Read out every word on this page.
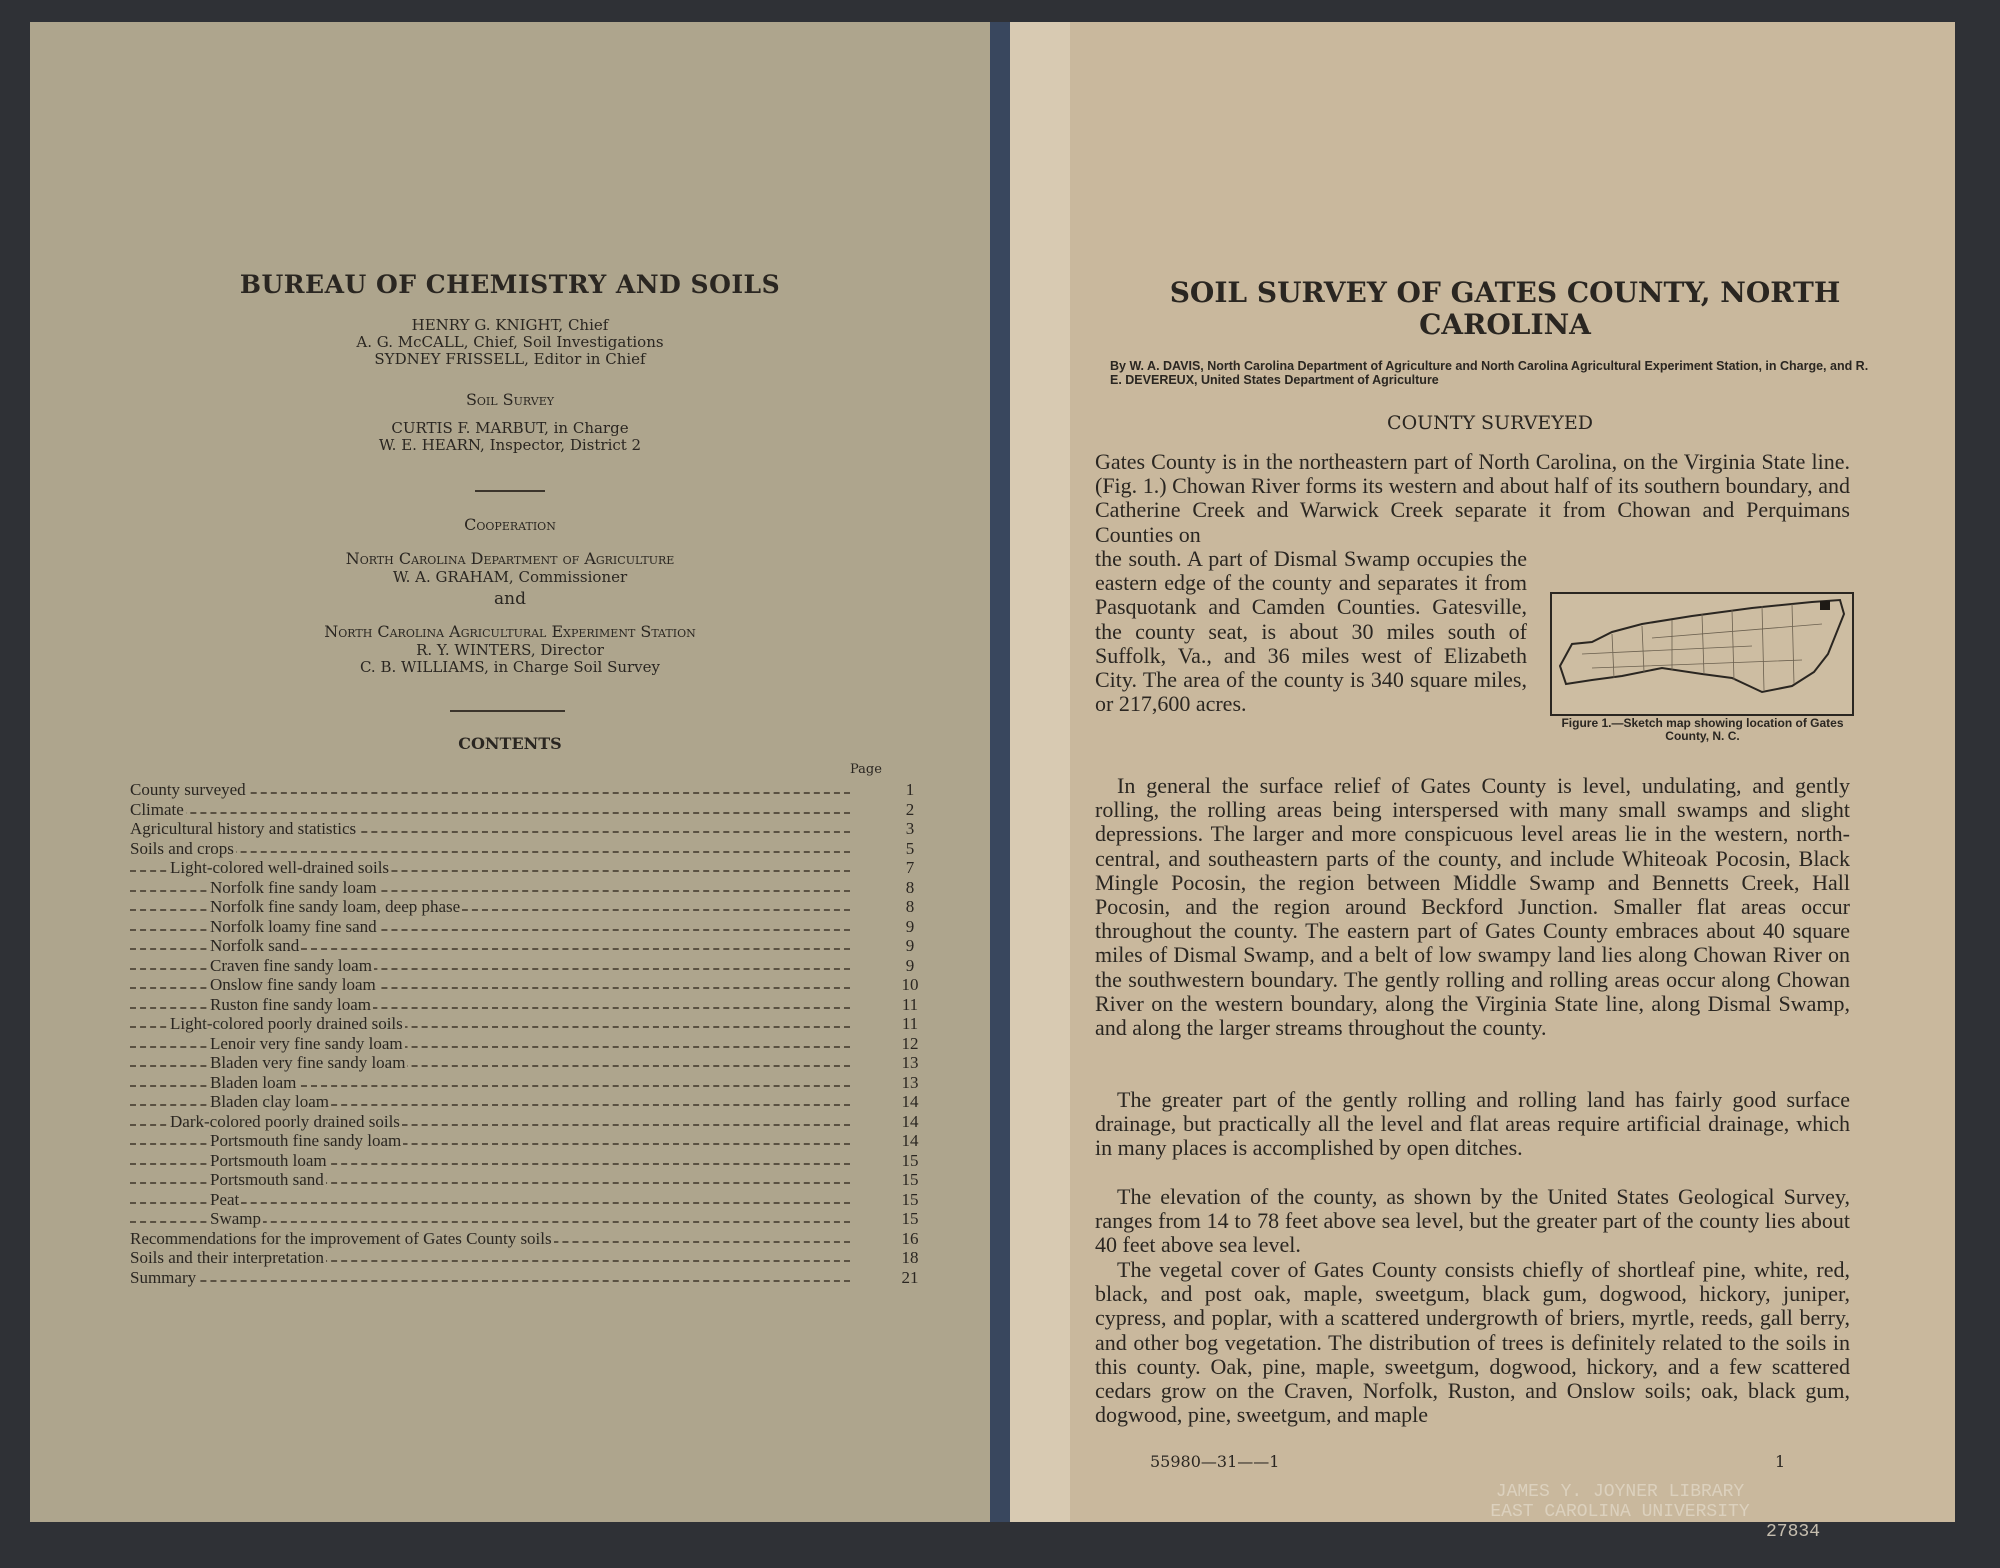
BUREAU OF CHEMISTRY AND SOILS
HENRY G. KNIGHT, Chief
A. G. McCALL, Chief, Soil Investigations
SYDNEY FRISSELL, Editor in Chief
Soil Survey
CURTIS F. MARBUT, in Charge
W. E. HEARN, Inspector, District 2
Cooperation
North Carolina Department of Agriculture
W. A. GRAHAM, Commissioner
and
North Carolina Agricultural Experiment Station
R. Y. WINTERS, Director
C. B. WILLIAMS, in Charge Soil Survey
CONTENTS
Page
County surveyed	1
Climate	2
Agricultural history and statistics	3
Soils and crops	5
Light-colored well-drained soils	7
Norfolk fine sandy loam	8
Norfolk fine sandy loam, deep phase	8
Norfolk loamy fine sand	9
Norfolk sand	9
Craven fine sandy loam	9
Onslow fine sandy loam	10
Ruston fine sandy loam	11
Light-colored poorly drained soils	11
Lenoir very fine sandy loam	12
Bladen very fine sandy loam	13
Bladen loam	13
Bladen clay loam	14
Dark-colored poorly drained soils	14
Portsmouth fine sandy loam	14
Portsmouth loam	15
Portsmouth sand	15
Peat	15
Swamp	15
Recommendations for the improvement of Gates County soils	16
Soils and their interpretation	18
Summary	21
SOIL SURVEY OF GATES COUNTY, NORTH CAROLINA
By W. A. DAVIS, North Carolina Department of Agriculture and North Carolina Agricultural Experiment Station, in Charge, and R. E. DEVEREUX, United States Department of Agriculture
COUNTY SURVEYED
Gates County is in the northeastern part of North Carolina, on the Virginia State line. (Fig. 1.) Chowan River forms its western and about half of its southern boundary, and Catherine Creek and Warwick Creek separate it from Chowan and Perquimans Counties on
the south. A part of Dismal Swamp occupies the eastern edge of the county and separates it from Pasquotank and Camden Counties. Gatesville, the county seat, is about 30 miles south of Suffolk, Va., and 36 miles west of Elizabeth City. The area of the county is 340 square miles, or 217,600 acres.
Figure 1.—Sketch map showing location of Gates County, N. C.
In general the surface relief of Gates County is level, undulating, and gently rolling, the rolling areas being interspersed with many small swamps and slight depressions. The larger and more conspicuous level areas lie in the western, north-central, and southeastern parts of the county, and include Whiteoak Pocosin, Black Mingle Pocosin, the region between Middle Swamp and Bennetts Creek, Hall Pocosin, and the region around Beckford Junction. Smaller flat areas occur throughout the county. The eastern part of Gates County embraces about 40 square miles of Dismal Swamp, and a belt of low swampy land lies along Chowan River on the southwestern boundary. The gently rolling and rolling areas occur along Chowan River on the western boundary, along the Virginia State line, along Dismal Swamp, and along the larger streams throughout the county.
The greater part of the gently rolling and rolling land has fairly good surface drainage, but practically all the level and flat areas require artificial drainage, which in many places is accomplished by open ditches.
The elevation of the county, as shown by the United States Geological Survey, ranges from 14 to 78 feet above sea level, but the greater part of the county lies about 40 feet above sea level.
The vegetal cover of Gates County consists chiefly of shortleaf pine, white, red, black, and post oak, maple, sweetgum, black gum, dogwood, hickory, juniper, cypress, and poplar, with a scattered undergrowth of briers, myrtle, reeds, gall berry, and other bog vegetation. The distribution of trees is definitely related to the soils in this county. Oak, pine, maple, sweetgum, dogwood, hickory, and a few scattered cedars grow on the Craven, Norfolk, Ruston, and Onslow soils; oak, black gum, dogwood, pine, sweetgum, and maple
55980—31——1	1
JAMES Y. JOYNER LIBRARY
EAST CAROLINA UNIVERSITY
27834
